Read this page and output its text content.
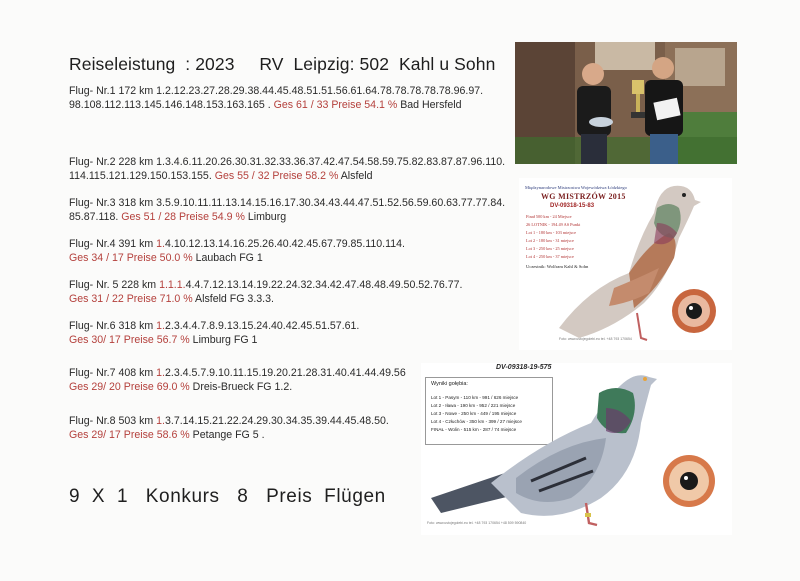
Reiseleistung  : 2023     RV  Leipzig: 502  Kahl u Sohn
Flug- Nr.1 172 km 1.2.12.23.27.28.29.38.44.45.48.51.51.56.61.64.78.78.78.78.78.96.97.
98.108.112.113.145.146.148.153.163.165 . Ges 61 / 33 Preise 54.1 % Bad Hersfeld
Flug- Nr.2 228 km 1.3.4.6.11.20.26.30.31.32.33.36.37.42.47.54.58.59.75.82.83.87.87.96.110.
114.115.121.129.150.153.155. Ges 55 / 32 Preise 58.2 % Alsfeld
Flug- Nr.3 318 km 3.5.9.10.11.11.13.14.15.16.17.30.34.43.44.47.51.52.56.59.60.63.77.77.84.
85.87.118. Ges 51 / 28 Preise 54.9 % Limburg
Flug- Nr.4 391 km 1.4.10.12.13.14.16.25.26.40.42.45.67.79.85.110.114.
Ges 34 / 17 Preise 50.0 % Laubach FG 1
Flug- Nr. 5 228 km 1.1.1.4.4.7.12.13.14.19.22.24.32.34.42.47.48.48.49.50.52.76.77.
Ges 31 / 22 Preise 71.0 % Alsfeld FG 3.3.3.
Flug- Nr.6 318 km 1.2.3.4.4.7.8.9.13.15.24.40.42.45.51.57.61.
Ges 30/ 17 Preise 56.7 % Limburg FG 1
Flug- Nr.7 408 km 1.2.3.4.5.7.9.10.11.15.19.20.21.28.31.40.41.44.49.56
Ges 29/ 20 Preise 69.0 % Dreis-Brueck FG 1.2.
Flug- Nr.8 503 km 1.3.7.14.15.21.22.24.29.30.34.35.39.44.45.48.50.
Ges 29/ 17 Preise 58.6 % Petange FG 5 .
9  X  1   Konkurs   8   Preis  Flügen
Międzynarodowe Mistrzostwa Województwa Łódzkiego
WG MISTRZÓW 2015
DV-09318-15-83
Finał 500 km - 24 Miejsce
26 LOTNIK - 194.49 AS Punkt
Lot 1 - 180 km - 103 miejsce
Lot 2 - 180 km - 31 miejsce
Lot 3 - 250 km - 25 miejsce
Lot 4 - 250 km - 37 miejsce
Uczestnik: Wolfram Kahl & Sohn
Foto: www.ustojegolebi.eu tel. +48 793 170654
DV-09318-19-575
Wyniki gołębia:
Lot 1 - Pasym - 110 km - 991 / 626 miejsce
Lot 2 - Iława - 190 km - 952 / 221 miejsce
Lot 3 - Nowe - 250 km - 449 / 195 miejsce
Lot 4 - Człuchów - 350 km - 399 / 27 miejsce
FINAŁ - Wolin - 515 km - 287 / 74 miejsce
Foto: www.ustojegolebi.eu tel. +48 793 170654 +48 509 590840
